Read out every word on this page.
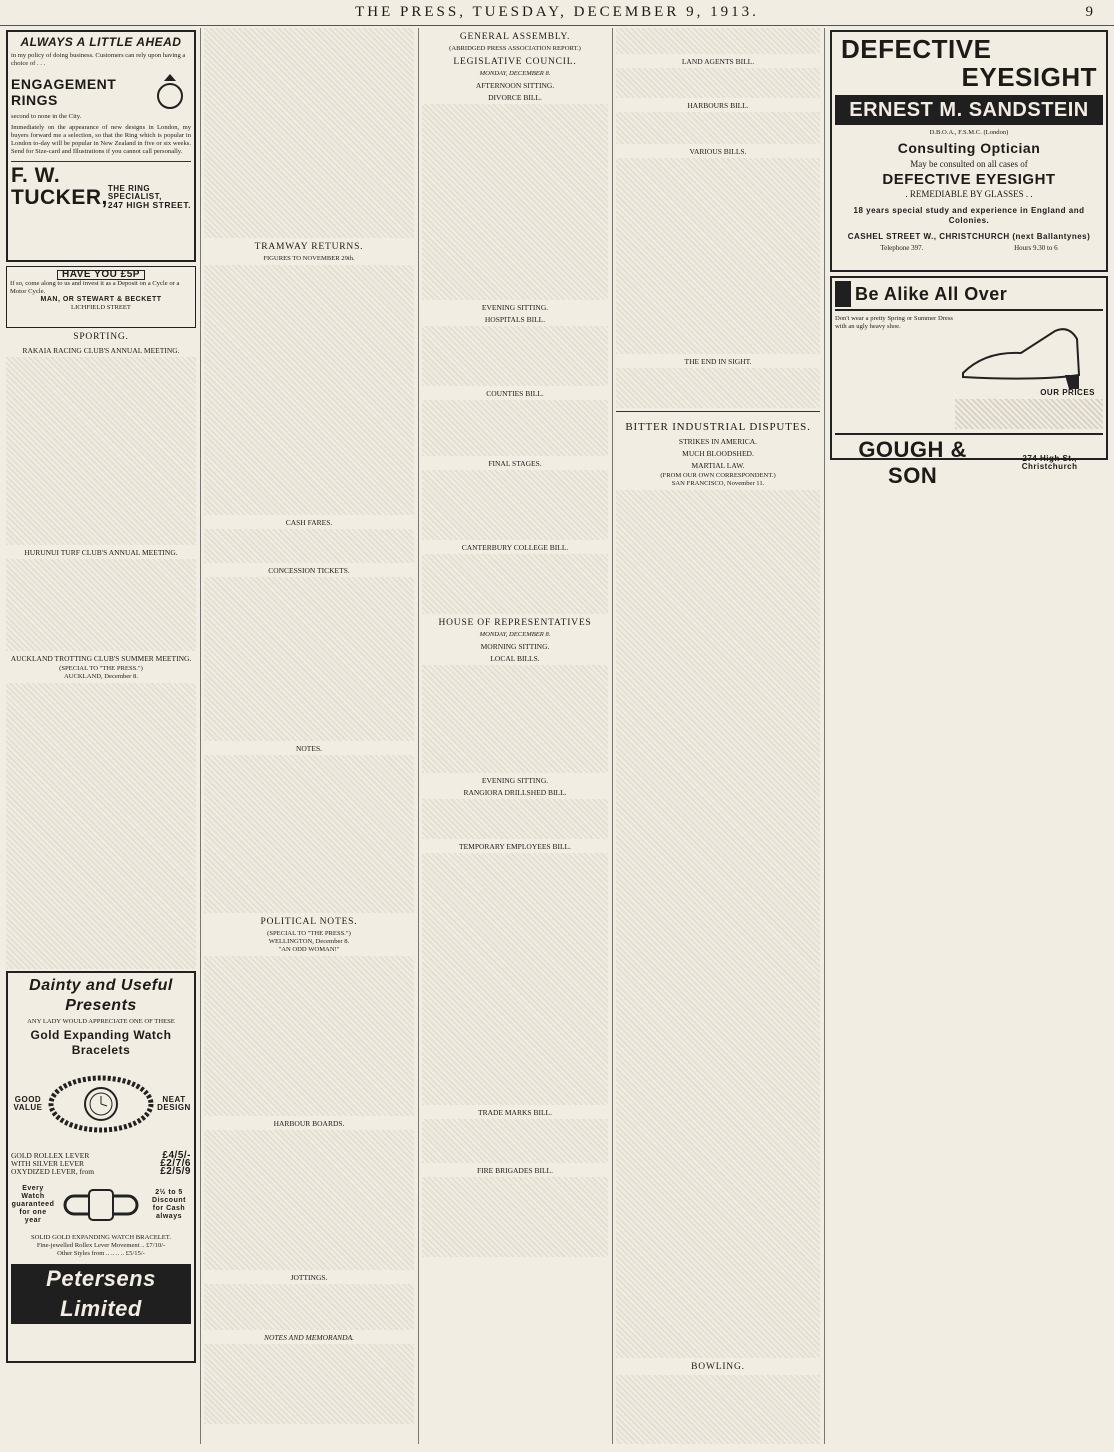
THE PRESS, TUESDAY, DECEMBER 9, 1913.	9
ALWAYS A LITTLE AHEAD
in my policy of doing business. Customers can rely upon having a choice of . . .
ENGAGEMENT RINGS
second to none in the City.
Immediately on the appearance of new designs in London, my buyers forward me a selection, so that the Ring which is popular in London to-day will be popular in New Zealand in five or six weeks. Send for Size-card and Illustrations if you cannot call personally.
F. W. TUCKER, THE RING SPECIALIST,
247 HIGH STREET.
HAVE YOU £5P
If so, come along to us and invest it as a Deposit on a Cycle or a Motor Cycle.
MAN, OR STEWART & BECKETT
LICHFIELD STREET
SPORTING.
RAKAIA RACING CLUB'S ANNUAL MEETING.
HURUNUI TURF CLUB'S ANNUAL MEETING.
AUCKLAND TROTTING CLUB'S SUMMER MEETING.
(SPECIAL TO "THE PRESS.")
AUCKLAND, December 8.
Dainty and Useful Presents
ANY LADY WOULD APPRECIATE ONE OF THESE
Gold Expanding Watch Bracelets
GOOD VALUE
NEAT DESIGN
GOLD ROLLEX LEVER	£4/5/-
WITH SILVER LEVER	£2/7/6
OXYDIZED LEVER, from	£2/5/9
Every Watch guaranteed for one year
2½ to 5 Discount for Cash always
SOLID GOLD EXPANDING WATCH BRACELET.
Fine-jewelled Rollex Lever Movement .. £7/10/-
Other Styles from .. .. .. .. £5/15/-
Petersens Limited
TRAMWAY RETURNS.
FIGURES TO NOVEMBER 29th.
CASH FARES.
CONCESSION TICKETS.
NOTES.
POLITICAL NOTES.
(SPECIAL TO "THE PRESS.")
WELLINGTON, December 8.
"AN ODD WOMAN!"
HARBOUR BOARDS.
JOTTINGS.
NOTES AND MEMORANDA.
GENERAL ASSEMBLY.
(ABRIDGED PRESS ASSOCIATION REPORT.)
LEGISLATIVE COUNCIL.
MONDAY, DECEMBER 8.
AFTERNOON SITTING.
DIVORCE BILL.
EVENING SITTING.
HOSPITALS BILL.
COUNTIES BILL.
FINAL STAGES.
CANTERBURY COLLEGE BILL.
HOUSE OF REPRESENTATIVES
MONDAY, DECEMBER 8.
MORNING SITTING.
LOCAL BILLS.
EVENING SITTING.
RANGIORA DRILLSHED BILL.
TEMPORARY EMPLOYEES BILL.
TRADE MARKS BILL.
FIRE BRIGADES BILL.
LAND AGENTS BILL.
HARBOURS BILL.
VARIOUS BILLS.
THE END IN SIGHT.
BITTER INDUSTRIAL DISPUTES.
STRIKES IN AMERICA.
MUCH BLOODSHED.
MARTIAL LAW.
(FROM OUR OWN CORRESPONDENT.)
SAN FRANCISCO, November 11.
BOWLING.
DEFECTIVE
EYESIGHT
ERNEST M. SANDSTEIN
D.B.O.A., F.S.M.C. (London)
Consulting Optician
May be consulted on all cases of
DEFECTIVE EYESIGHT
. REMEDIABLE BY GLASSES . .
18 years special study and experience in England and Colonies.
CASHEL STREET W., CHRISTCHURCH (next Ballantynes)
Telephone 397.	Hours 9.30 to 6
Be Alike All Over
Don't wear a pretty Spring or Summer Dress with an ugly heavy shoe.
OUR PRICES
GOUGH & SON
274 High St., Christchurch
